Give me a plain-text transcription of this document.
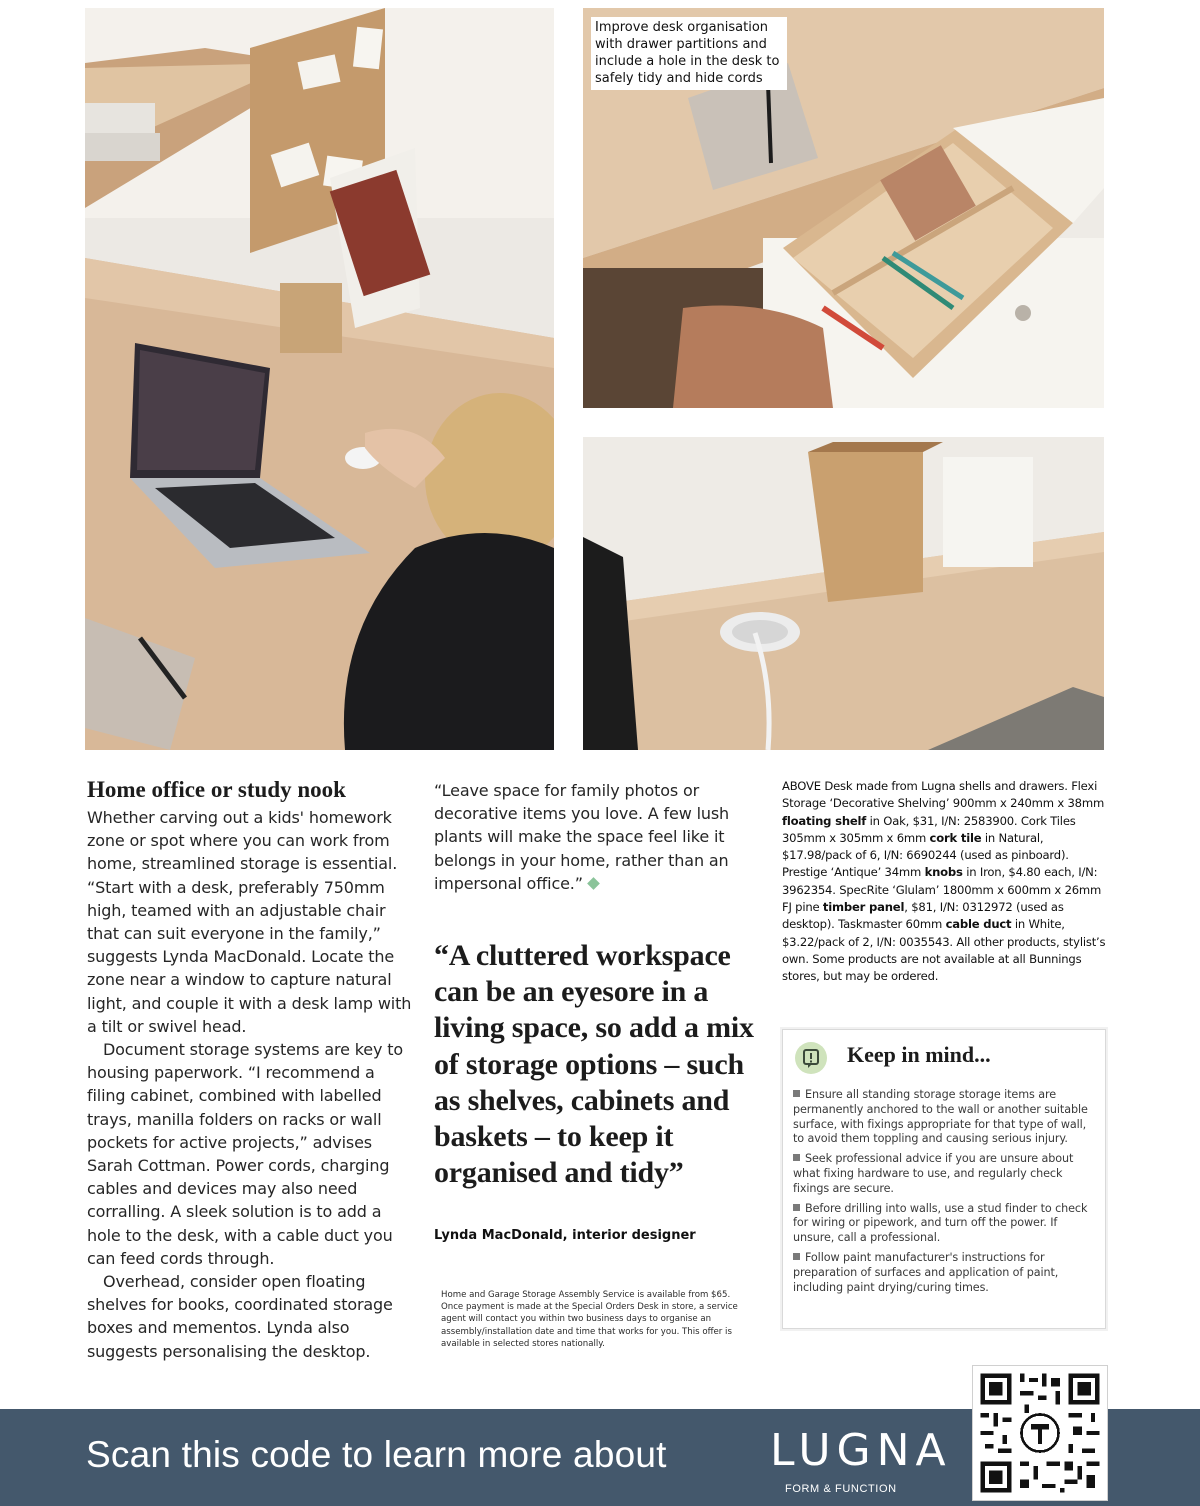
Improve desk organisation with drawer partitions and include a hole in the desk to safely tidy and hide cords
Home office or study nook

Whether carving out a kids' homework zone or spot where you can work from home, streamlined storage is essential. “Start with a desk, preferably 750mm high, teamed with an adjustable chair that can suit everyone in the family,” suggests Lynda MacDonald. Locate the zone near a window to capture natural light, and couple it with a desk lamp with a tilt or swivel head.

Document storage systems are key to housing paperwork. “I recommend a filing cabinet, combined with labelled trays, manilla folders on racks or wall pockets for active projects,” advises Sarah Cottman. Power cords, charging cables and devices may also need corralling. A sleek solution is to add a hole to the desk, with a cable duct you can feed cords through.

Overhead, consider open floating shelves for books, coordinated storage boxes and mementos. Lynda also suggests personalising the desktop.

“Leave space for family photos or decorative items you love. A few lush plants will make the space feel like it belongs in your home, rather than an impersonal office.”

“A cluttered workspace can be an eyesore in a living space, so add a mix of storage options – such as shelves, cabinets and baskets – to keep it organised and tidy”

Lynda MacDonald, interior designer

Home and Garage Storage Assembly Service is available from $65. Once payment is made at the Special Orders Desk in store, a service agent will contact you within two business days to organise an assembly/installation date and time that works for you. This offer is available in selected stores nationally.

ABOVE Desk made from Lugna shells and drawers. Flexi Storage ‘Decorative Shelving’ 900mm x 240mm x 38mm floating shelf in Oak, $31, I/N: 2583900. Cork Tiles 305mm x 305mm x 6mm cork tile in Natural, $17.98/pack of 6, I/N: 6690244 (used as pinboard). Prestige ‘Antique’ 34mm knobs in Iron, $4.80 each, I/N: 3962354. SpecRite ‘Glulam’ 1800mm x 600mm x 26mm FJ pine timber panel, $81, I/N: 0312972 (used as desktop). Taskmaster 60mm cable duct in White, $3.22/pack of 2, I/N: 0035543. All other products, stylist’s own. Some products are not available at all Bunnings stores, but may be ordered.

Keep in mind...

Ensure all standing storage storage items are permanently anchored to the wall or another suitable surface, with fixings appropriate for that type of wall, to avoid them toppling and causing serious injury.
Seek professional advice if you are unsure about what fixing hardware to use, and regularly check fixings are secure.
Before drilling into walls, use a stud finder to check for wiring or pipework, and turn off the power. If unsure, call a professional.
Follow paint manufacturer's instructions for preparation of surfaces and application of paint, including paint drying/curing times.

Scan this code to learn more about LUGNA

FORM & FUNCTION
